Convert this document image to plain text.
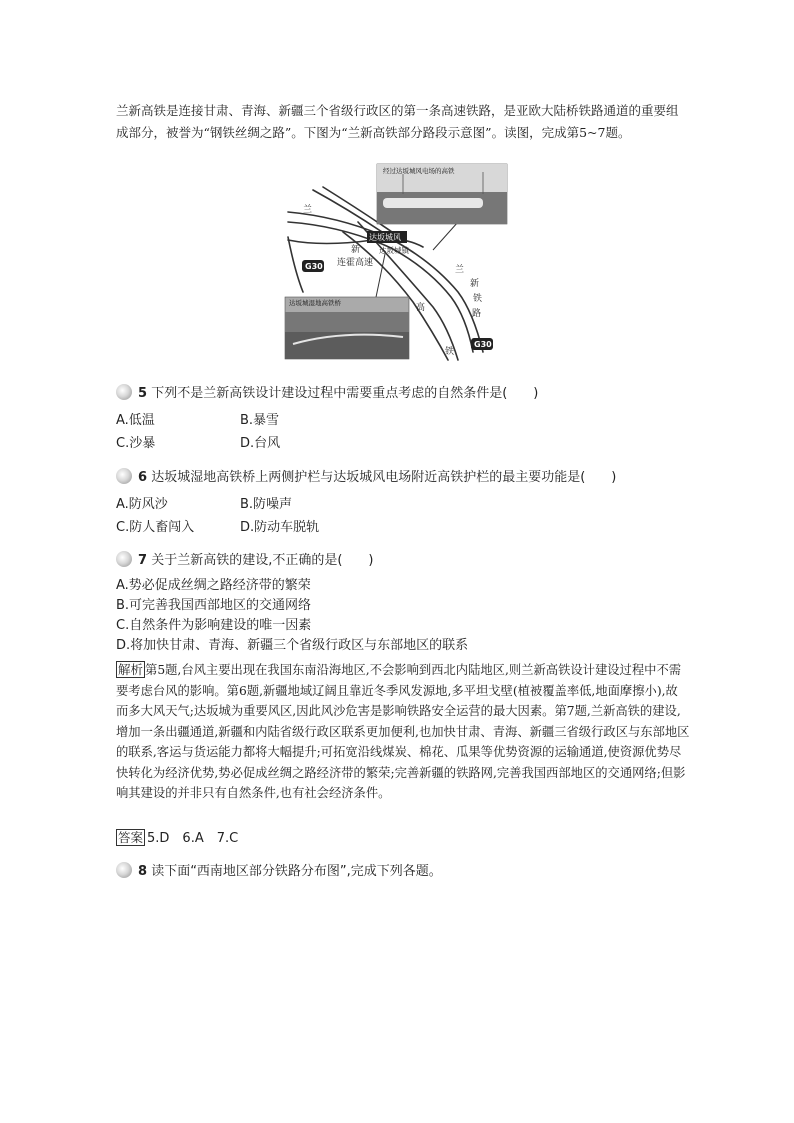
兰新高铁是连接甘肃、青海、新疆三个省级行政区的第一条高速铁路，是亚欧大陆桥铁路通道的重要组成部分，被誉为“钢铁丝绸之路”。下图为“兰新高铁部分路段示意图”。读图，完成第5~7题。
经过达坂城风电场的高铁
达坂城湿地高铁桥
达坂城风
达坂城镇
G30
G30
兰
新
连霍高速
高
铁
兰
新
铁
路
5 下列不是兰新高铁设计建设过程中需要重点考虑的自然条件是(　　)
A.低温	B.暴雪
C.沙暴	D.台风
6 达坂城湿地高铁桥上两侧护栏与达坂城风电场附近高铁护栏的最主要功能是(　　)
A.防风沙	B.防噪声
C.防人畜闯入	D.防动车脱轨
7 关于兰新高铁的建设,不正确的是(　　)
A.势必促成丝绸之路经济带的繁荣
B.可完善我国西部地区的交通网络
C.自然条件为影响建设的唯一因素
D.将加快甘肃、青海、新疆三个省级行政区与东部地区的联系
解析 第5题,台风主要出现在我国东南沿海地区,不会影响到西北内陆地区,则兰新高铁设计建设过程中不需要考虑台风的影响。第6题,新疆地域辽阔且靠近冬季风发源地,多平坦戈壁(植被覆盖率低,地面摩擦小),故而多大风天气;达坂城为重要风区,因此风沙危害是影响铁路安全运营的最大因素。第7题,兰新高铁的建设,增加一条出疆通道,新疆和内陆省级行政区联系更加便利,也加快甘肃、青海、新疆三省级行政区与东部地区的联系,客运与货运能力都将大幅提升;可拓宽沿线煤炭、棉花、瓜果等优势资源的运输通道,使资源优势尽快转化为经济优势,势必促成丝绸之路经济带的繁荣;完善新疆的铁路网,完善我国西部地区的交通网络;但影响其建设的并非只有自然条件,也有社会经济条件。
答案 5.D　6.A　7.C
8 读下面“西南地区部分铁路分布图”,完成下列各题。
